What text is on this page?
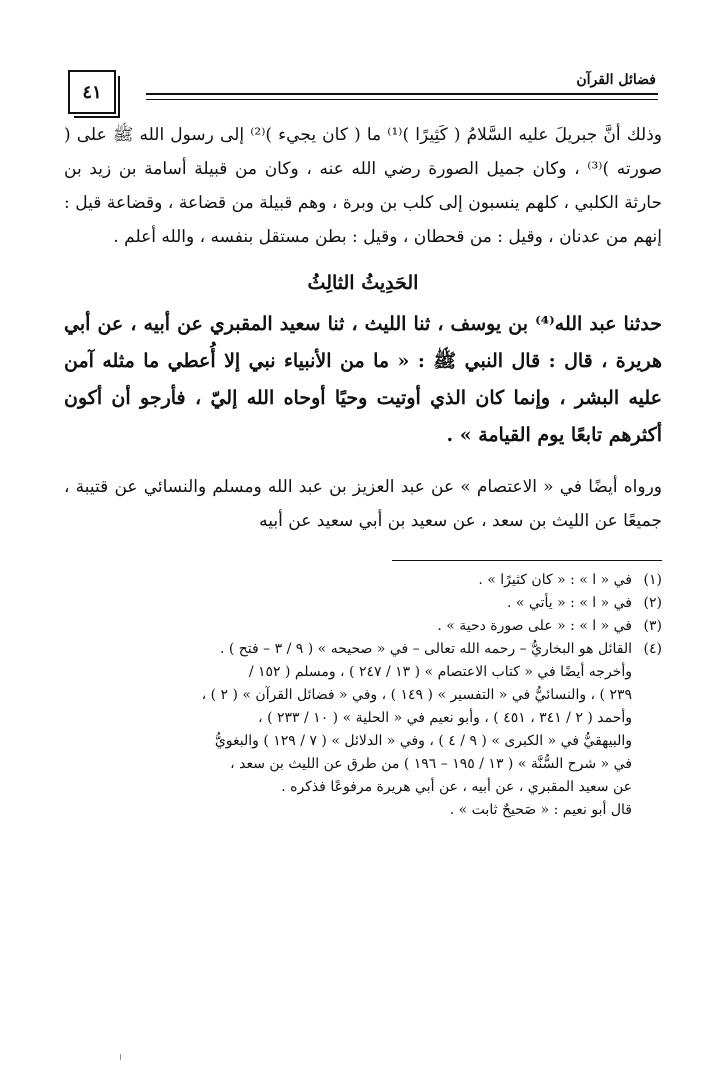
٤١
فضائل القرآن

وذلك أنَّ جبريلَ عليه السَّلامُ ( كَثِيرًا )⁽¹⁾ ما ( كان يجيء )⁽²⁾ إلى رسول الله ﷺ على ( صورته )⁽³⁾ ، وكان جميل الصورة رضي الله عنه ، وكان من قبيلة أسامة بن زيد بن حارثة الكلبي ، كلهم ينسبون إلى كلب بن وبرة ، وهم قبيلة من قضاعة ، وقضاعة قيل : إنهم من عدنان ، وقيل : من قحطان ، وقيل : بطن مستقل بنفسه ، والله أعلم .

الحَدِيثُ الثالِثُ

حدثنا عبد الله⁽⁴⁾ بن يوسف ، ثنا الليث ، ثنا سعيد المقبري عن أبيه ، عن أبي هريرة ، قال : قال النبي ﷺ : « ما من الأنبياء نبي إلا أُعطي ما مثله آمن عليه البشر ، وإنما كان الذي أوتيت وحيًا أوحاه الله إليّ ، فأرجو أن أكون أكثرهم تابعًا يوم القيامة » .

ورواه أيضًا في « الاعتصام » عن عبد العزيز بن عبد الله ومسلم والنسائي عن قتيبة ، جميعًا عن الليث بن سعد ، عن سعيد بن أبي سعيد عن أبيه

(١)
في « ا » : « كان كثيرًا » .
(٢)
في « ا » : « يأتي » .
(٣)
في « ا » : « على صورة دحية » .
(٤)
القائل هو البخاريُّ – رحمه الله تعالى – في « صحيحه » ( ٩ / ٣ – فتح ) .
وأخرجه أيضًا في « كتاب الاعتصام » ( ١٣ / ٢٤٧ ) ، ومسلم ( ١٥٢ /
٢٣٩ ) ، والنسائيُّ في « التفسير » ( ١٤٩ ) ، وفي « فضائل القرآن » ( ٢ ) ،
وأحمد ( ٢ / ٣٤١ ، ٤٥١ ) ، وأبو نعيم في « الحلية » ( ١٠ / ٢٣٣ ) ،
والبيهقيُّ في « الكبرى » ( ٩ / ٤ ) ، وفي « الدلائل » ( ٧ / ١٢٩ ) والبغويُّ
في « شرح السُّنَّة » ( ١٣ / ١٩٥ – ١٩٦ ) من طرق عن الليث بن سعد ،
عن سعيد المقبري ، عن أبيه ، عن أبي هريرة مرفوعًا فذكره .
قال أبو نعيم : « صَحيحٌ ثابت » .
